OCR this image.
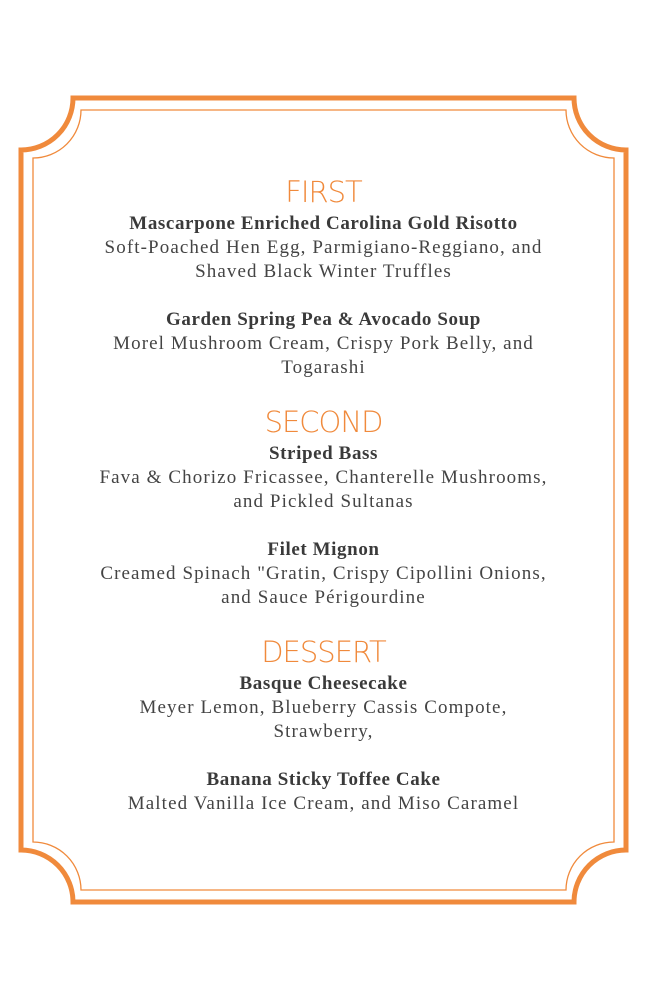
FIRST
Mascarpone Enriched Carolina Gold Risotto
Soft-Poached Hen Egg, Parmigiano-Reggiano, and
Shaved Black Winter Truffles
Garden Spring Pea & Avocado Soup
Morel Mushroom Cream, Crispy Pork Belly, and
Togarashi
SECOND
Striped Bass
Fava & Chorizo Fricassee, Chanterelle Mushrooms,
and Pickled Sultanas
Filet Mignon
Creamed Spinach "Gratin, Crispy Cipollini Onions,
and Sauce Périgourdine
DESSERT
Basque Cheesecake
Meyer Lemon, Blueberry Cassis Compote,
Strawberry,
Banana Sticky Toffee Cake
Malted Vanilla Ice Cream, and Miso Caramel
